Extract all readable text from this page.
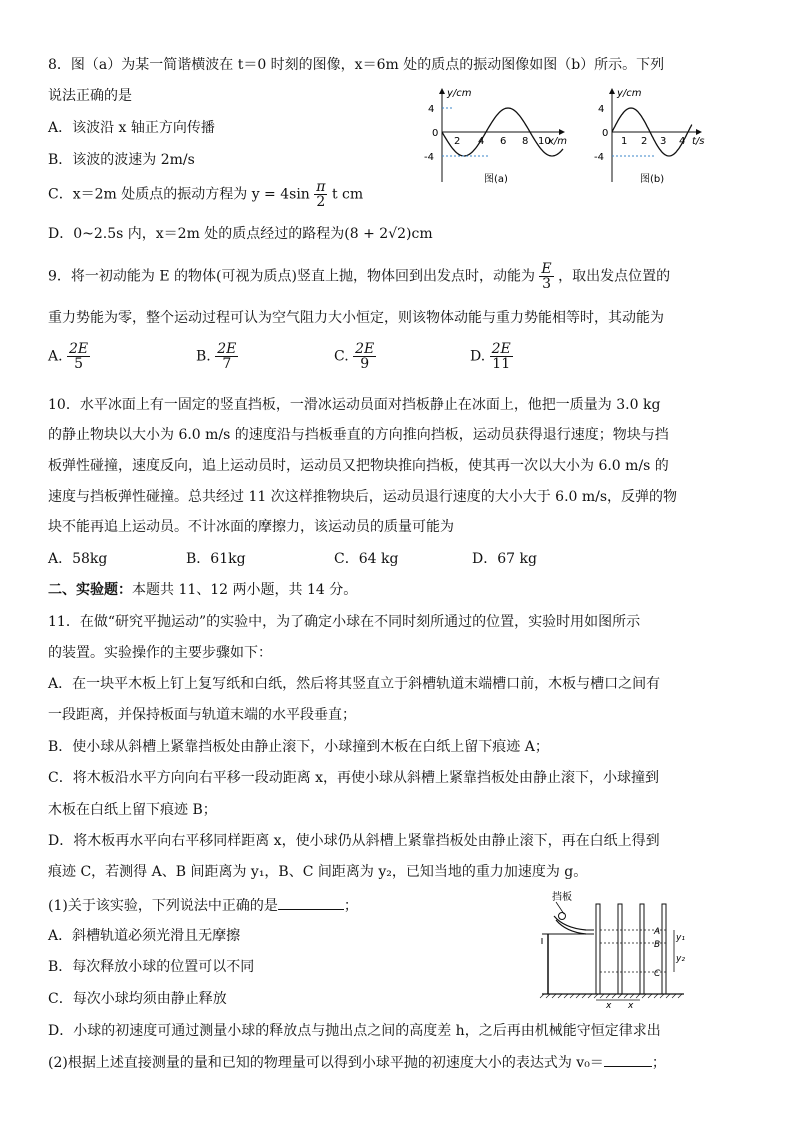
8．图（a）为某一简谐横波在 t＝0 时刻的图像，x＝6m 处的质点的振动图像如图（b）所示。下列
说法正确的是
A．该波沿 x 轴正方向传播
B．该波的波速为 2m/s
C．x＝2m 处质点的振动方程为 $y = 4\sin \frac{\pi}{2}$ t cm
D．0~2.5s 内，x＝2m 处的质点经过的路程为(8 + 2√2)cm
4
0
-4
y/cm
2 4 6 8 10
x/m
图(a)
4
0
-4
y/cm
1 2 3 4 t/s
图(b)
9．将一初动能为 E 的物体(可视为质点)竖直上抛，物体回到出发点时，动能为 $\frac{E}{3}$ ，取出发点位置的
重力势能为零，整个运动过程可认为空气阻力大小恒定，则该物体动能与重力势能相等时，其动能为
A. $\frac{2E}{5}$	B. $\frac{2E}{7}$	C. $\frac{2E}{9}$	D. $\frac{2E}{11}$
10．水平冰面上有一固定的竖直挡板，一滑冰运动员面对挡板静止在冰面上，他把一质量为 3.0 kg
的静止物块以大小为 6.0 m/s 的速度沿与挡板垂直的方向推向挡板，运动员获得退行速度；物块与挡
板弹性碰撞，速度反向，追上运动员时，运动员又把物块推向挡板，使其再一次以大小为 6.0 m/s 的
速度与挡板弹性碰撞。总共经过 11 次这样推物块后，运动员退行速度的大小大于 6.0 m/s，反弹的物
块不能再追上运动员。不计冰面的摩擦力，该运动员的质量可能为
A．58kg	B．61kg	C．64 kg	D．67 kg
二、实验题：本题共 11、12 两小题，共 14 分。
11．在做“研究平抛运动”的实验中，为了确定小球在不同时刻所通过的位置，实验时用如图所示
的装置。实验操作的主要步骤如下：
A．在一块平木板上钉上复写纸和白纸，然后将其竖直立于斜槽轨道末端槽口前，木板与槽口之间有
一段距离，并保持板面与轨道末端的水平段垂直；
B．使小球从斜槽上紧靠挡板处由静止滚下，小球撞到木板在白纸上留下痕迹 A；
C．将木板沿水平方向向右平移一段动距离 x，再使小球从斜槽上紧靠挡板处由静止滚下，小球撞到
木板在白纸上留下痕迹 B；
D．将木板再水平向右平移同样距离 x，使小球仍从斜槽上紧靠挡板处由静止滚下，再在白纸上得到
痕迹 C，若测得 A、B 间距离为 y₁，B、C 间距离为 y₂，已知当地的重力加速度为 g。
(1)关于该实验，下列说法中正确的是	；
A．斜槽轨道必须光滑且无摩擦
B．每次释放小球的位置可以不同
C．每次小球均须由静止释放
D．小球的初速度可通过测量小球的释放点与抛出点之间的高度差 h，之后再由机械能守恒定律求出
(2)根据上述直接测量的量和已知的物理量可以得到小球平抛的初速度大小的表达式为 v₀＝	；
挡板
A
B
C
y₁
y₂
x x
